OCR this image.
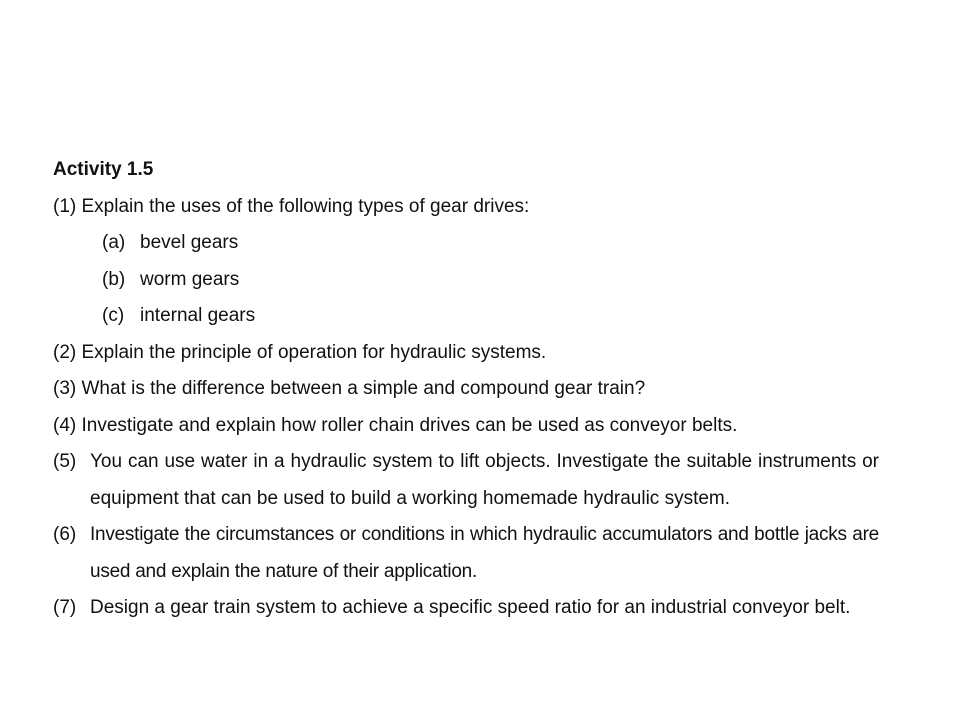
Activity 1.5

(1) Explain the uses of the following types of gear drives:

(a) bevel gears

(b) worm gears

(c) internal gears

(2) Explain the principle of operation for hydraulic systems.

(3) What is the difference between a simple and compound gear train?

(4) Investigate and explain how roller chain drives can be used as conveyor belts.

(5) You can use water in a hydraulic system to lift objects. Investigate the suitable instruments or equipment that can be used to build a working homemade hydraulic system.
(6) Investigate the circumstances or conditions in which hydraulic accumulators and bottle jacks are used and explain the nature of their application.
(7) Design a gear train system to achieve a specific speed ratio for an industrial conveyor belt.
